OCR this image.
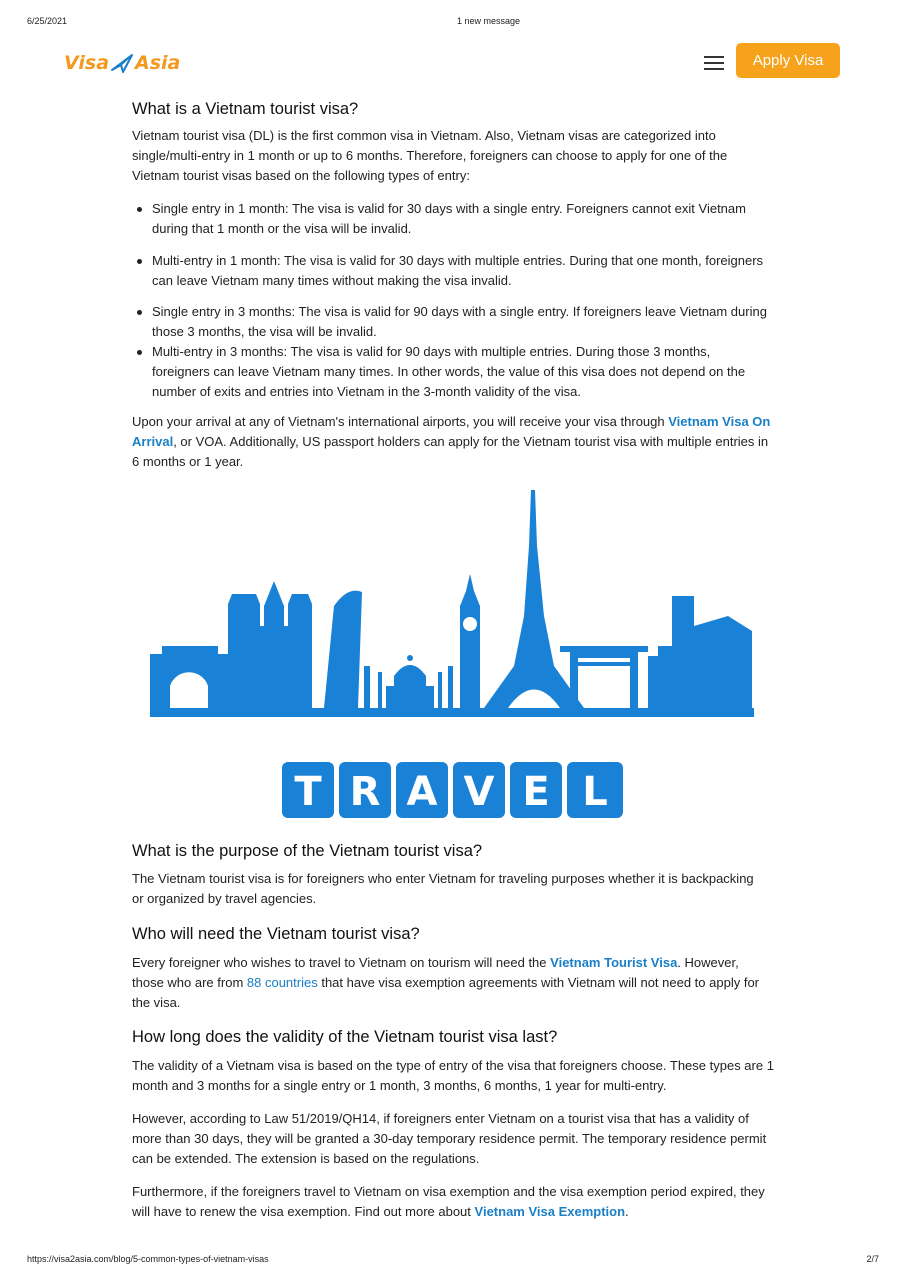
6/25/2021	1 new message
Visa Asia	Apply Visa
What is a Vietnam tourist visa?
Vietnam tourist visa (DL) is the first common visa in Vietnam. Also, Vietnam visas are categorized into
single/multi-entry in 1 month or up to 6 months. Therefore, foreigners can choose to apply for one of the
Vietnam tourist visas based on the following types of entry:
Single entry in 1 month: The visa is valid for 30 days with a single entry. Foreigners cannot exit Vietnam
during that 1 month or the visa will be invalid.
Multi-entry in 1 month: The visa is valid for 30 days with multiple entries. During that one month, foreigners
can leave Vietnam many times without making the visa invalid.
Single entry in 3 months: The visa is valid for 90 days with a single entry. If foreigners leave Vietnam during
those 3 months, the visa will be invalid.
Multi-entry in 3 months: The visa is valid for 90 days with multiple entries. During those 3 months,
foreigners can leave Vietnam many times. In other words, the value of this visa does not depend on the
number of exits and entries into Vietnam in the 3-month validity of the visa.
Upon your arrival at any of Vietnam's international airports, you will receive your visa through Vietnam Visa On
Arrival, or VOA. Additionally, US passport holders can apply for the Vietnam tourist visa with multiple entries in
6 months or 1 year.
T R A V E L
What is the purpose of the Vietnam tourist visa?
The Vietnam tourist visa is for foreigners who enter Vietnam for traveling purposes whether it is backpacking
or organized by travel agencies.
Who will need the Vietnam tourist visa?
Every foreigner who wishes to travel to Vietnam on tourism will need the Vietnam Tourist Visa. However,
those who are from 88 countries that have visa exemption agreements with Vietnam will not need to apply for
the visa.
How long does the validity of the Vietnam tourist visa last?
The validity of a Vietnam visa is based on the type of entry of the visa that foreigners choose. These types are 1
month and 3 months for a single entry or 1 month, 3 months, 6 months, 1 year for multi-entry.
However, according to Law 51/2019/QH14, if foreigners enter Vietnam on a tourist visa that has a validity of
more than 30 days, they will be granted a 30-day temporary residence permit. The temporary residence permit
can be extended. The extension is based on the regulations.
Furthermore, if the foreigners travel to Vietnam on visa exemption and the visa exemption period expired, they
will have to renew the visa exemption. Find out more about Vietnam Visa Exemption.
https://visa2asia.com/blog/5-common-types-of-vietnam-visas	2/7
